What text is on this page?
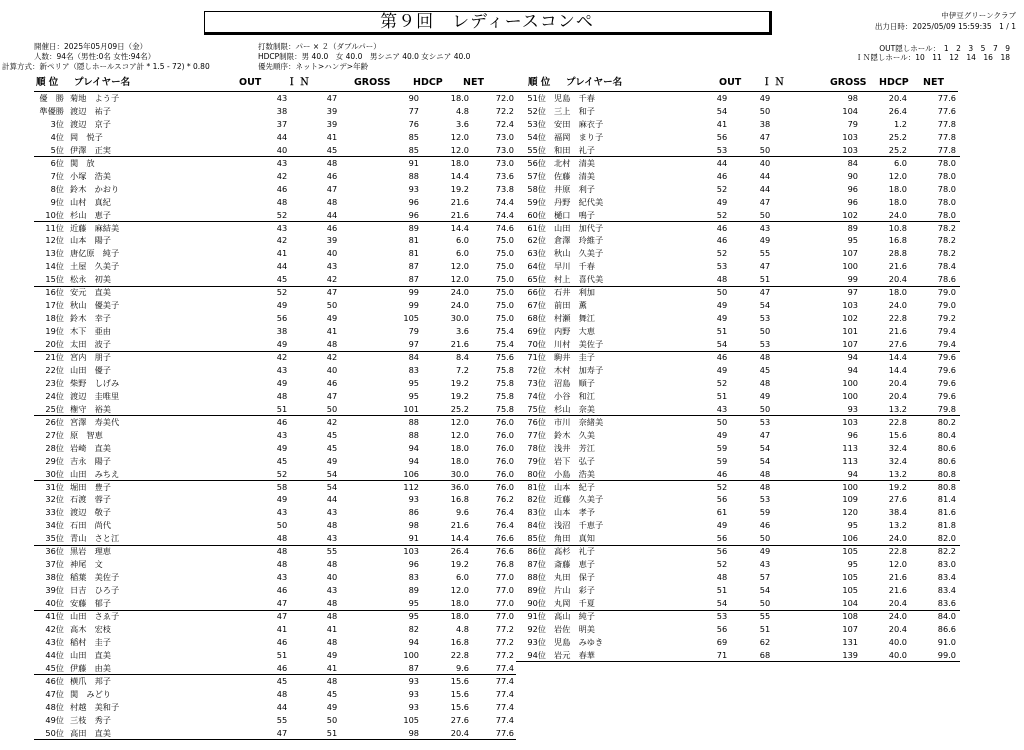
第９回　レディースコンペ	中伊豆グリーンクラブ
出力日時：2025/05/09 15:59:35　1 / 1
開催日：2025年05月09日（金）
人数：94名（男性:0名 女性:94名）
計算方式：新ペリア（隠しホールスコア計 * 1.5 - 72) * 0.80
打数制限：パー × ２（ダブルパー）
HDCP制限：男 40.0　女 40.0　男シニア 40.0 女シニア 40.0
優先順序：ネット>ハンデ>年齢
OUT隠しホール：　1　2　3　5　7　9
ＩＮ隠しホール：10　11　12　14　16　18
順 位 プレイヤー名	OUT	Ｉ Ｎ	GROSS HDCP NET	順 位 プレイヤー名	OUT Ｉ Ｎ	GROSS HDCP NET
優　勝 菊地　よう子	43	47	90	18.0	72.0
準優勝 渡辺　祐子	38	39	77	4.8	72.2
3位 渡辺　京子	37	39	76	3.6	72.4
4位 岡　悦子	44	41	85	12.0	73.0
5位 伊澤　正実	40	45	85	12.0	73.0
6位 関　放	43	48	91	18.0	73.0
7位 小塚　浩美	42	46	88	14.4	73.6
8位 鈴木　かおり	46	47	93	19.2	73.8
9位 山村　真紀	48	48	96	21.6	74.4
10位 杉山　恵子	52	44	96	21.6	74.4
11位 近藤　麻結美	43	46	89	14.4	74.6
12位 山本　陽子	42	39	81	6.0	75.0
13位 唐亿原　純子	41	40	81	6.0	75.0
14位 土屋　久美子	44	43	87	12.0	75.0
15位 松永　初美	45	42	87	12.0	75.0
16位 安元　直美	52	47	99	24.0	75.0
17位 秋山　優美子	49	50	99	24.0	75.0
18位 鈴木　幸子	56	49	105	30.0	75.0
19位 木下　亜由	38	41	79	3.6	75.4
20位 太田　波子	49	48	97	21.6	75.4
21位 宮内　朋子	42	42	84	8.4	75.6
22位 山田　優子	43	40	83	7.2	75.8
23位 柴野　しげみ	49	46	95	19.2	75.8
24位 渡辺　圭唯里	48	47	95	19.2	75.8
25位 権守　裕美	51	50	101	25.2	75.8
26位 宮澤　寿美代	46	42	88	12.0	76.0
27位 原　智恵	43	45	88	12.0	76.0
28位 岩崎　直美	49	45	94	18.0	76.0
29位 吉永　陽子	45	49	94	18.0	76.0
30位 山田　みちえ	52	54	106	30.0	76.0
31位 堀田　豊子	58	54	112	36.0	76.0
32位 石渡　蓉子	49	44	93	16.8	76.2
33位 渡辺　敬子	43	43	86	9.6	76.4
34位 石田　尚代	50	48	98	21.6	76.4
35位 青山　さと江	48	43	91	14.4	76.6
36位 黒岩　理恵	48	55	103	26.4	76.6
37位 神尾　文	48	48	96	19.2	76.8
38位 稲葉　美佐子	43	40	83	6.0	77.0
39位 日吉　ひろ子	46	43	89	12.0	77.0
40位 安藤　郁子	47	48	95	18.0	77.0
41位 山田　さゑ子	47	48	95	18.0	77.0
42位 高木　宏枝	41	41	82	4.8	77.2
43位 稲村　圭子	46	48	94	16.8	77.2
44位 山田　直美	51	49	100	22.8	77.2
45位 伊藤　由美	46	41	87	9.6	77.4
46位 横爪　邦子	45	48	93	15.6	77.4
47位 関　みどり	48	45	93	15.6	77.4
48位 村越　美和子	44	49	93	15.6	77.4
49位 三枝　秀子	55	50	105	27.6	77.4
50位 高田　直美	47	51	98	20.4	77.6
51位 児島　千春	49	49	98	20.4	77.6
52位 三上　和子	54	50	104	26.4	77.6
53位 安田　麻衣子	41	38	79	1.2	77.8
54位 福岡　まり子	56	47	103	25.2	77.8
55位 和田　礼子	53	50	103	25.2	77.8
56位 北村　清美	44	40	84	6.0	78.0
57位 佐藤　清美	46	44	90	12.0	78.0
58位 井原　利子	52	44	96	18.0	78.0
59位 丹野　紀代美	49	47	96	18.0	78.0
60位 樋口　鳴子	52	50	102	24.0	78.0
61位 山田　加代子	46	43	89	10.8	78.2
62位 倉澤　玲維子	46	49	95	16.8	78.2
63位 秋山　久美子	52	55	107	28.8	78.2
64位 早川　千春	53	47	100	21.6	78.4
65位 村上　喜代美	48	51	99	20.4	78.6
66位 石井　利加	50	47	97	18.0	79.0
67位 前田　薫	49	54	103	24.0	79.0
68位 村瀬　舞江	49	53	102	22.8	79.2
69位 内野　大恵	51	50	101	21.6	79.4
70位 川村　美佐子	54	53	107	27.6	79.4
71位 駒井　圭子	46	48	94	14.4	79.6
72位 木村　加寿子	49	45	94	14.4	79.6
73位 沼島　順子	52	48	100	20.4	79.6
74位 小谷　和江	51	49	100	20.4	79.6
75位 杉山　奈美	43	50	93	13.2	79.8
76位 市川　奈緒美	50	53	103	22.8	80.2
77位 鈴木　久美	49	47	96	15.6	80.4
78位 浅井　芳江	59	54	113	32.4	80.6
79位 岩下　弘子	59	54	113	32.4	80.6
80位 小島　浩美	46	48	94	13.2	80.8
81位 山本　紀子	52	48	100	19.2	80.8
82位 近藤　久美子	56	53	109	27.6	81.4
83位 山本　孝予	61	59	120	38.4	81.6
84位 浅沼　千恵子	49	46	95	13.2	81.8
85位 角田　真知	56	50	106	24.0	82.0
86位 高杉　礼子	56	49	105	22.8	82.2
87位 斎藤　恵子	52	43	95	12.0	83.0
88位 丸田　保子	48	57	105	21.6	83.4
89位 片山　彩子	51	54	105	21.6	83.4
90位 丸岡　千夏	54	50	104	20.4	83.6
91位 高山　純子	53	55	108	24.0	84.0
92位 岩佐　明美	56	51	107	20.4	86.6
93位 児島　みゆき	69	62	131	40.0	91.0
94位 岩元　春華	71	68	139	40.0	99.0
